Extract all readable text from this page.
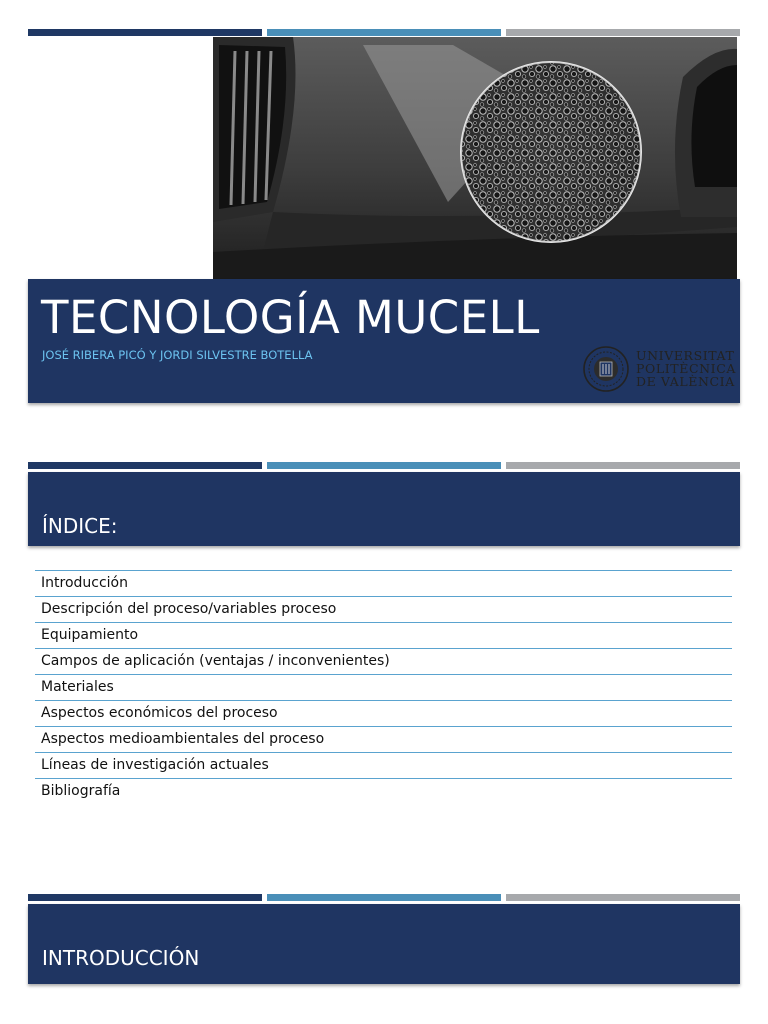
TECNOLOGÍA MUCELL
JOSÉ RIBERA PICÓ Y JORDI SILVESTRE BOTELLA	UNIVERSITAT
POLITÈCNICA
DE VALÈNCIA
ÍNDICE:
Introducción
Descripción del proceso/variables proceso
Equipamiento
Campos de aplicación (ventajas / inconvenientes)
Materiales
Aspectos económicos del proceso
Aspectos medioambientales del proceso
Líneas de investigación actuales
Bibliografía
INTRODUCCIÓN
